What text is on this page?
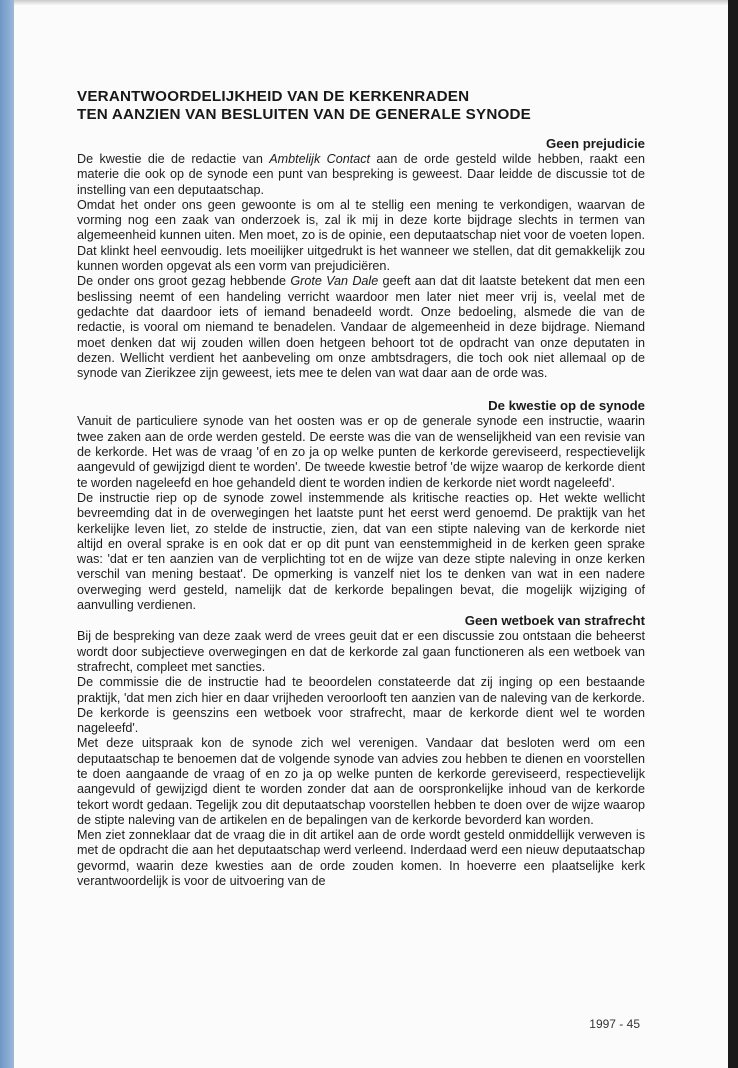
VERANTWOORDELIJKHEID VAN DE KERKENRADEN
TEN AANZIEN VAN BESLUITEN VAN DE GENERALE SYNODE
Geen prejudicie

De kwestie die de redactie van Ambtelijk Contact aan de orde gesteld wilde hebben, raakt een materie die ook op de synode een punt van bespreking is geweest. Daar leidde de discussie tot de instelling van een deputaatschap.

Omdat het onder ons geen gewoonte is om al te stellig een mening te verkondigen, waarvan de vorming nog een zaak van onderzoek is, zal ik mij in deze korte bijdrage slechts in termen van algemeenheid kunnen uiten. Men moet, zo is de opinie, een deputaatschap niet voor de voeten lopen. Dat klinkt heel eenvoudig. Iets moeilijker uitgedrukt is het wanneer we stellen, dat dit gemakkelijk zou kunnen worden opgevat als een vorm van prejudiciëren.

De onder ons groot gezag hebbende Grote Van Dale geeft aan dat dit laatste betekent dat men een beslissing neemt of een handeling verricht waardoor men later niet meer vrij is, veelal met de gedachte dat daardoor iets of iemand benadeeld wordt. Onze bedoeling, alsmede die van de redactie, is vooral om niemand te benadelen. Vandaar de algemeenheid in deze bijdrage. Niemand moet denken dat wij zouden willen doen hetgeen behoort tot de opdracht van onze deputaten in dezen. Wellicht verdient het aanbeveling om onze ambtsdragers, die toch ook niet allemaal op de synode van Zierikzee zijn geweest, iets mee te delen van wat daar aan de orde was.

De kwestie op de synode

Vanuit de particuliere synode van het oosten was er op de generale synode een instructie, waarin twee zaken aan de orde werden gesteld. De eerste was die van de wenselijkheid van een revisie van de kerkorde. Het was de vraag 'of en zo ja op welke punten de kerkorde gereviseerd, respectievelijk aangevuld of gewijzigd dient te worden'. De tweede kwestie betrof 'de wijze waarop de kerkorde dient te worden nageleefd en hoe gehandeld dient te worden indien de kerkorde niet wordt nageleefd'.

De instructie riep op de synode zowel instemmende als kritische reacties op. Het wekte wellicht bevreemding dat in de overwegingen het laatste punt het eerst werd genoemd. De praktijk van het kerkelijke leven liet, zo stelde de instructie, zien, dat van een stipte naleving van de kerkorde niet altijd en overal sprake is en ook dat er op dit punt van eenstemmigheid in de kerken geen sprake was: 'dat er ten aanzien van de verplichting tot en de wijze van deze stipte naleving in onze kerken verschil van mening bestaat'. De opmerking is vanzelf niet los te denken van wat in een nadere overweging werd gesteld, namelijk dat de kerkorde bepalingen bevat, die mogelijk wijziging of aanvulling verdienen.

Geen wetboek van strafrecht

Bij de bespreking van deze zaak werd de vrees geuit dat er een discussie zou ontstaan die beheerst wordt door subjectieve overwegingen en dat de kerkorde zal gaan functioneren als een wetboek van strafrecht, compleet met sancties.

De commissie die de instructie had te beoordelen constateerde dat zij inging op een bestaande praktijk, 'dat men zich hier en daar vrijheden veroorlooft ten aanzien van de naleving van de kerkorde. De kerkorde is geenszins een wetboek voor strafrecht, maar de kerkorde dient wel te worden nageleefd'.

Met deze uitspraak kon de synode zich wel verenigen. Vandaar dat besloten werd om een deputaatschap te benoemen dat de volgende synode van advies zou hebben te dienen en voorstellen te doen aangaande de vraag of en zo ja op welke punten de kerkorde gereviseerd, respectievelijk aangevuld of gewijzigd dient te worden zonder dat aan de oorspronkelijke inhoud van de kerkorde tekort wordt gedaan. Tegelijk zou dit deputaatschap voorstellen hebben te doen over de wijze waarop de stipte naleving van de artikelen en de bepalingen van de kerkorde bevorderd kan worden.

Men ziet zonneklaar dat de vraag die in dit artikel aan de orde wordt gesteld onmiddellijk verweven is met de opdracht die aan het deputaatschap werd verleend. Inderdaad werd een nieuw deputaatschap gevormd, waarin deze kwesties aan de orde zouden komen. In hoeverre een plaatselijke kerk verantwoordelijk is voor de uitvoering van de

1997 - 45
